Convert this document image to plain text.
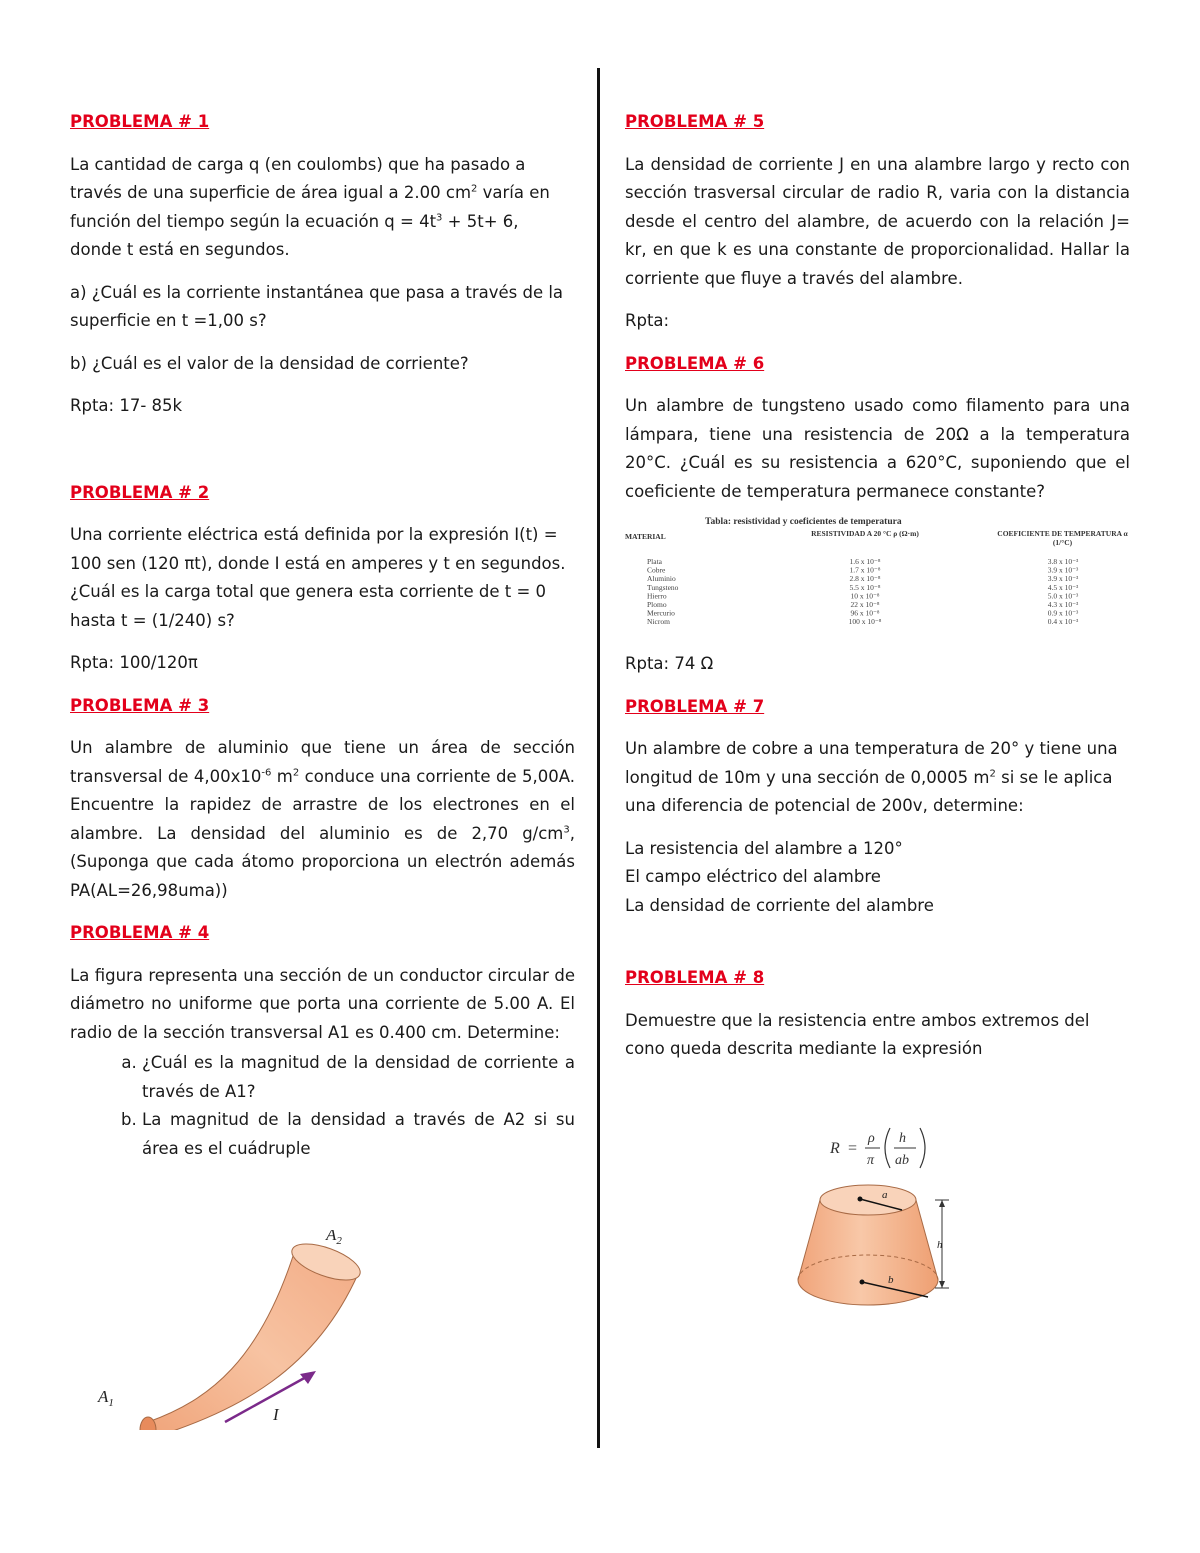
PROBLEMA # 1

La cantidad de carga q (en coulombs) que ha pasado a través de una superficie de área igual a 2.00 $cm^2$ varía en función del tiempo según la ecuación $q = 4t^3 + 5t+ 6$, donde t está en segundos.

a) ¿Cuál es la corriente instantánea que pasa a través de la superficie en t =1,00 s?

b) ¿Cuál es el valor de la densidad de corriente?

Rpta: 17- 85k

PROBLEMA # 2

Una corriente eléctrica está definida por la expresión I(t) = 100 sen (120 πt), donde I está en amperes y t en segundos. ¿Cuál es la carga total que genera esta corriente de t = 0 hasta t = (1/240) s?

Rpta: 100/120π

PROBLEMA # 3

Un alambre de aluminio que tiene un área de sección transversal de $4,00x10^{-6}$ $m^2$ conduce una corriente de 5,00A. Encuentre la rapidez de arrastre de los electrones en el alambre. La densidad del aluminio es de 2,70 $g/cm^3$, (Suponga que cada átomo proporciona un electrón además PA(AL=26,98uma))

PROBLEMA # 4

La figura representa una sección de un conductor circular de diámetro no uniforme que porta una corriente de 5.00 A. El radio de la sección transversal A1 es 0.400 cm. Determine:

a. ¿Cuál es la magnitud de la densidad de corriente a través de A1?
b. La magnitud de la densidad a través de A2 si su área es el cuádruple
$A_1$
$A_2$
I
PROBLEMA # 5

La densidad de corriente J en una alambre largo y recto con sección trasversal circular de radio R, varia con la distancia desde el centro del alambre, de acuerdo con la relación J= kr, en que k es una constante de proporcionalidad. Hallar la corriente que fluye a través del alambre.

Rpta:

PROBLEMA # 6

Un alambre de tungsteno usado como filamento para una lámpara, tiene una resistencia de 20Ω a la temperatura 20°C. ¿Cuál es su resistencia a 620°C, suponiendo que el coeficiente de temperatura permanece constante?

Tabla: resistividad y coeficientes de temperatura
MATERIAL	RESISTIVIDAD A 20 °C ρ (Ω·m)	COEFICIENTE DE TEMPERATURA α (1/°C)
Plata	1.6 x 10⁻⁸	3.8 x 10⁻³
Cobre	1.7 x 10⁻⁸	3.9 x 10⁻³
Aluminio	2.8 x 10⁻⁸	3.9 x 10⁻³
Tungsteno	5.5 x 10⁻⁸	4.5 x 10⁻³
Hierro	10 x 10⁻⁸	5.0 x 10⁻³
Plomo	22 x 10⁻⁸	4.3 x 10⁻³
Mercurio	96 x 10⁻⁸	0.9 x 10⁻³
Nicrom	100 x 10⁻⁸	0.4 x 10⁻³

Rpta: 74 Ω

PROBLEMA # 7

Un alambre de cobre a una temperatura de 20° y tiene una longitud de 10m y una sección de 0,0005 $m^2$ si se le aplica una diferencia de potencial de 200v, determine:

La resistencia del alambre a 120°
El campo eléctrico del alambre
La densidad de corriente del alambre
PROBLEMA # 8

Demuestre que la resistencia entre ambos extremos del cono queda descrita mediante la expresión

R =
ρ
π
h
ab
a
b
h
